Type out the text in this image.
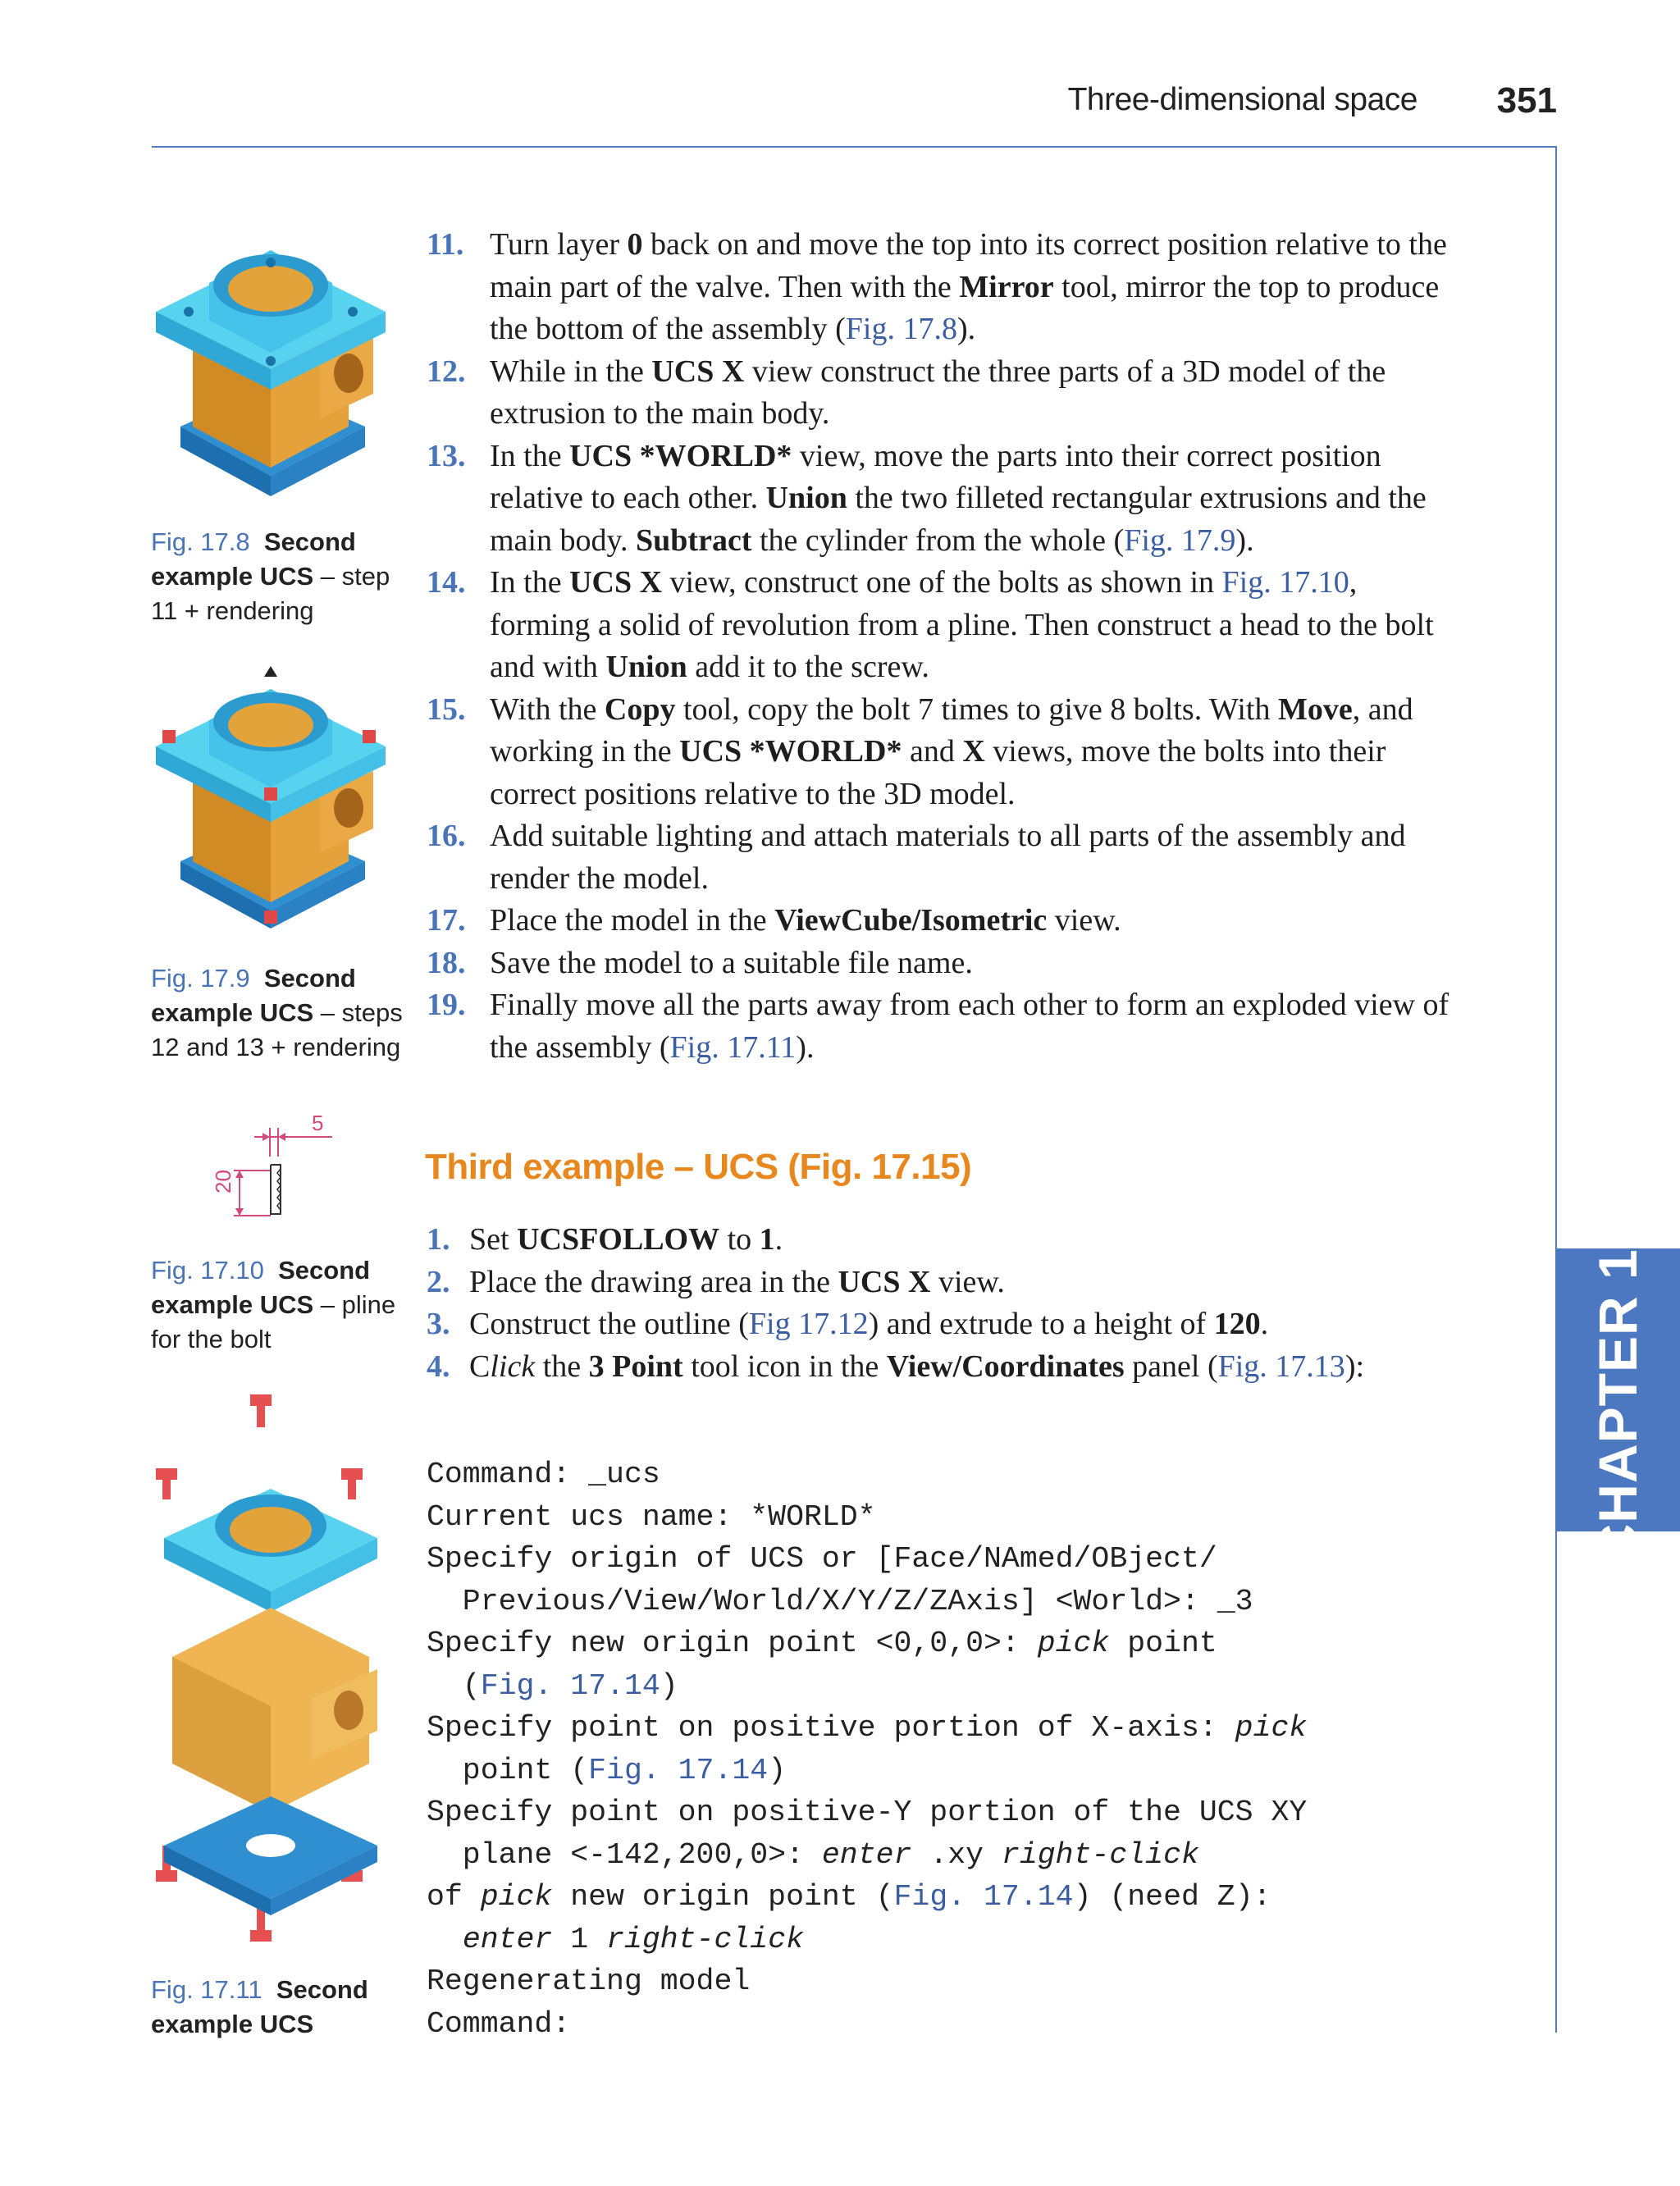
Three-dimensional space 351
CHAPTER 17
Fig. 17.8 Second example UCS – step 11 + rendering
Fig. 17.9 Second example UCS – steps 12 and 13 + rendering
5
20
Fig. 17.10 Second example UCS – pline for the bolt
Fig. 17.11 Second example UCS
11. Turn layer 0 back on and move the top into its correct position relative to the main part of the valve. Then with the Mirror tool, mirror the top to produce the bottom of the assembly (Fig. 17.8).
12. While in the UCS X view construct the three parts of a 3D model of the extrusion to the main body.
13. In the UCS *WORLD* view, move the parts into their correct position relative to each other. Union the two filleted rectangular extrusions and the main body. Subtract the cylinder from the whole (Fig. 17.9).
14. In the UCS X view, construct one of the bolts as shown in Fig. 17.10, forming a solid of revolution from a pline. Then construct a head to the bolt and with Union add it to the screw.
15. With the Copy tool, copy the bolt 7 times to give 8 bolts. With Move, and working in the UCS *WORLD* and X views, move the bolts into their correct positions relative to the 3D model.
16. Add suitable lighting and attach materials to all parts of the assembly and render the model.
17. Place the model in the ViewCube/Isometric view.
18. Save the model to a suitable file name.
19. Finally move all the parts away from each other to form an exploded view of the assembly (Fig. 17.11).
Third example – UCS (Fig. 17.15)
1. Set UCSFOLLOW to 1.
2. Place the drawing area in the UCS X view.
3. Construct the outline (Fig 17.12) and extrude to a height of 120.
4. Click the 3 Point tool icon in the View/Coordinates panel (Fig. 17.13):
Command: _ucs
Current ucs name: *WORLD*
Specify origin of UCS or [Face/NAmed/OBject/
Previous/View/World/X/Y/Z/ZAxis] <World>: _3
Specify new origin point <0,0,0>: pick point
(Fig. 17.14)
Specify point on positive portion of X-axis: pick
point (Fig. 17.14)
Specify point on positive-Y portion of the UCS XY
plane <-142,200,0>: enter .xy right-click
of pick new origin point (Fig. 17.14) (need Z):
enter 1 right-click
Regenerating model
Command:
